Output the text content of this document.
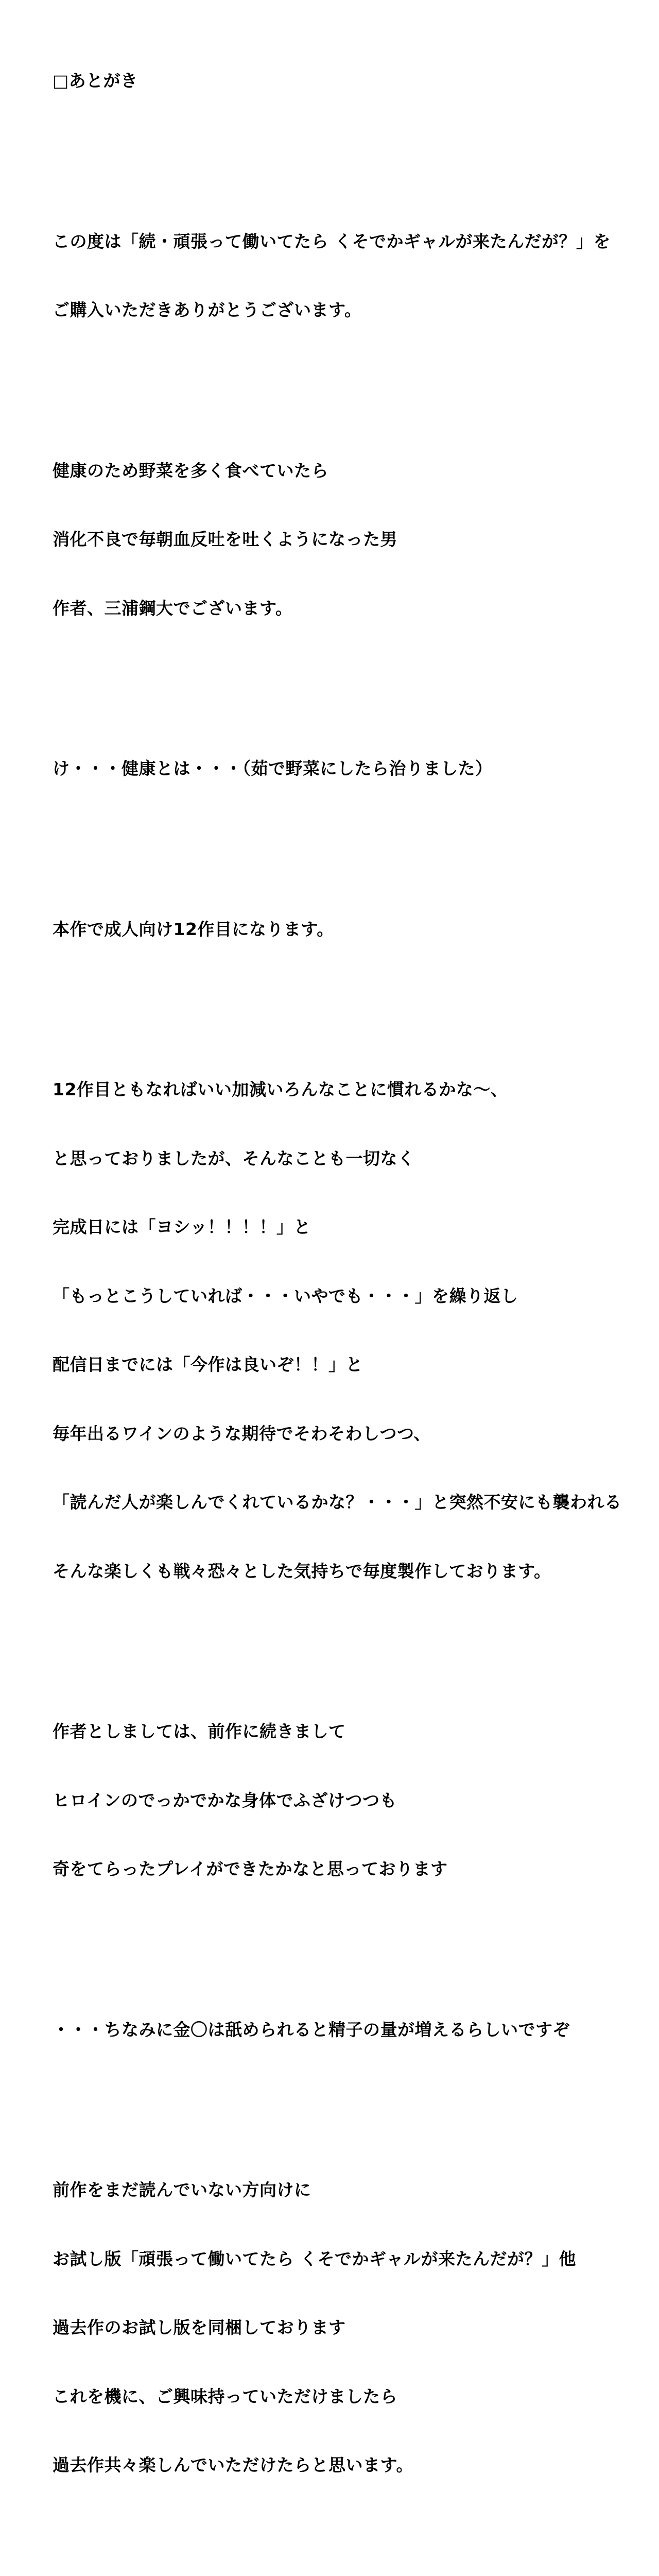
□あとがき

この度は「続・頑張って働いてたら くそでかギャルが来たんだが？」を

ご購入いただきありがとうございます。

健康のため野菜を多く食べていたら

消化不良で毎朝血反吐を吐くようになった男

作者、三浦鋼大でございます。

け・・・健康とは・・・（茹で野菜にしたら治りました）

本作で成人向け12作目になります。

12作目ともなればいい加減いろんなことに慣れるかな〜、

と思っておりましたが、そんなことも一切なく

完成日には「ヨシッ！！！！」と

「もっとこうしていれば・・・いやでも・・・」を繰り返し

配信日までには「今作は良いぞ！！」と

毎年出るワインのような期待でそわそわしつつ、

「読んだ人が楽しんでくれているかな？・・・」と突然不安にも襲われる

そんな楽しくも戦々恐々とした気持ちで毎度製作しております。

作者としましては、前作に続きまして

ヒロインのでっかでかな身体でふざけつつも

奇をてらったプレイができたかなと思っております

・・・ちなみに金〇は舐められると精子の量が増えるらしいですぞ

前作をまだ読んでいない方向けに

お試し版「頑張って働いてたら くそでかギャルが来たんだが？」他

過去作のお試し版を同梱しております

これを機に、ご興味持っていただけましたら

過去作共々楽しんでいただけたらと思います。
